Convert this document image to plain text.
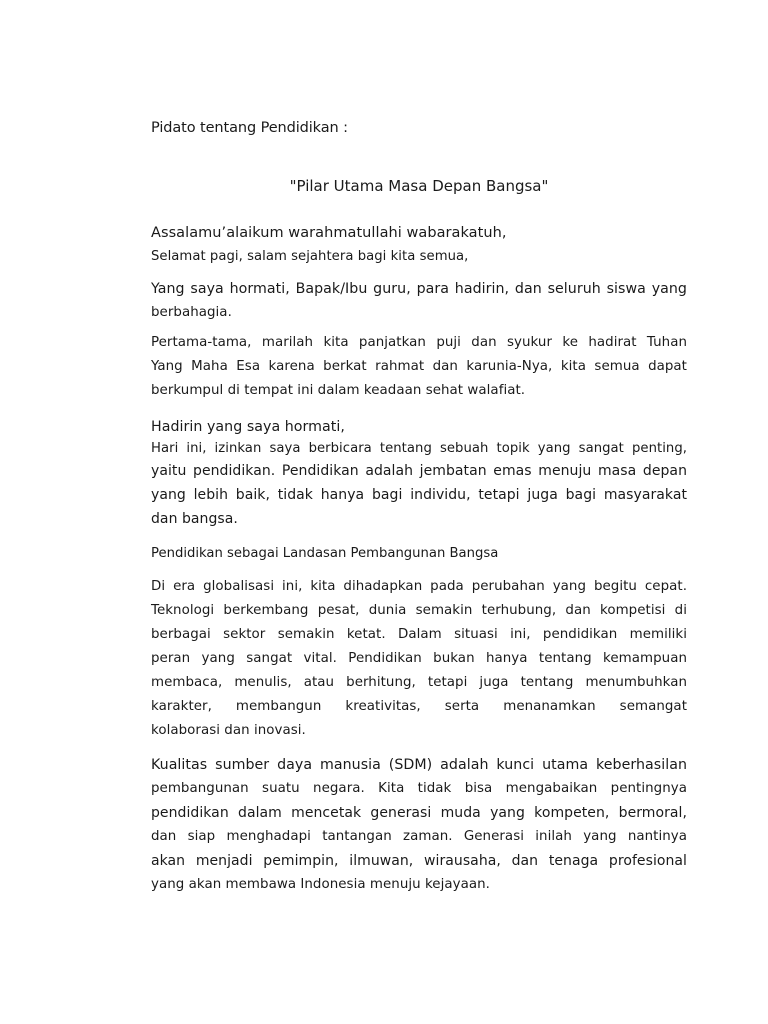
Pidato tentang Pendidikan :

"Pilar Utama Masa Depan Bangsa"

Assalamu’alaikum warahmatullahi wabarakatuh,
Selamat pagi, salam sejahtera bagi kita semua,
Yang saya hormati, Bapak/Ibu guru, para hadirin, dan seluruh siswa yang
berbahagia.
Pertama-tama, marilah kita panjatkan puji dan syukur ke hadirat Tuhan
Yang Maha Esa karena berkat rahmat dan karunia-Nya, kita semua dapat
berkumpul di tempat ini dalam keadaan sehat walafiat.
Hadirin yang saya hormati,
Hari ini, izinkan saya berbicara tentang sebuah topik yang sangat penting,
yaitu pendidikan. Pendidikan adalah jembatan emas menuju masa depan
yang lebih baik, tidak hanya bagi individu, tetapi juga bagi masyarakat
dan bangsa.
Pendidikan sebagai Landasan Pembangunan Bangsa
Di era globalisasi ini, kita dihadapkan pada perubahan yang begitu cepat.
Teknologi berkembang pesat, dunia semakin terhubung, dan kompetisi di
berbagai sektor semakin ketat. Dalam situasi ini, pendidikan memiliki
peran yang sangat vital. Pendidikan bukan hanya tentang kemampuan
membaca, menulis, atau berhitung, tetapi juga tentang menumbuhkan
karakter, membangun kreativitas, serta menanamkan semangat
kolaborasi dan inovasi.
Kualitas sumber daya manusia (SDM) adalah kunci utama keberhasilan
pembangunan suatu negara. Kita tidak bisa mengabaikan pentingnya
pendidikan dalam mencetak generasi muda yang kompeten, bermoral,
dan siap menghadapi tantangan zaman. Generasi inilah yang nantinya
akan menjadi pemimpin, ilmuwan, wirausaha, dan tenaga profesional
yang akan membawa Indonesia menuju kejayaan.
